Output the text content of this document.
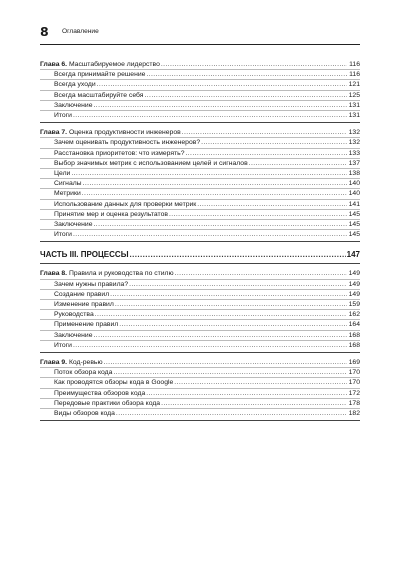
8 Оглавление
Глава 6. Масштабируемое лидерство .....	116
Всегда принимайте решение .....	116
Всегда уходи .....	121
Всегда масштабируйте себя .....	125
Заключение .....	131
Итоги .....	131
Глава 7. Оценка продуктивности инженеров .....	132
Зачем оценивать продуктивность инженеров? .....	132
Расстановка приоритетов: что измерять? .....	133
Выбор значимых метрик с использованием целей и сигналов .....	137
Цели .....	138
Сигналы .....	140
Метрики .....	140
Использование данных для проверки метрик .....	141
Принятие мер и оценка результатов .....	145
Заключение .....	145
Итоги .....	145
ЧАСТЬ III. ПРОЦЕССЫ .....	147
Глава 8. Правила и руководства по стилю .....	149
Зачем нужны правила? .....	149
Создание правил .....	149
Изменение правил .....	159
Руководства .....	162
Применение правил .....	164
Заключение .....	168
Итоги .....	168
Глава 9. Код-ревью .....	169
Поток обзора кода .....	170
Как проводятся обзоры кода в Google .....	170
Преимущества обзоров кода .....	172
Передовые практики обзора кода .....	178
Виды обзоров кода .....	182
